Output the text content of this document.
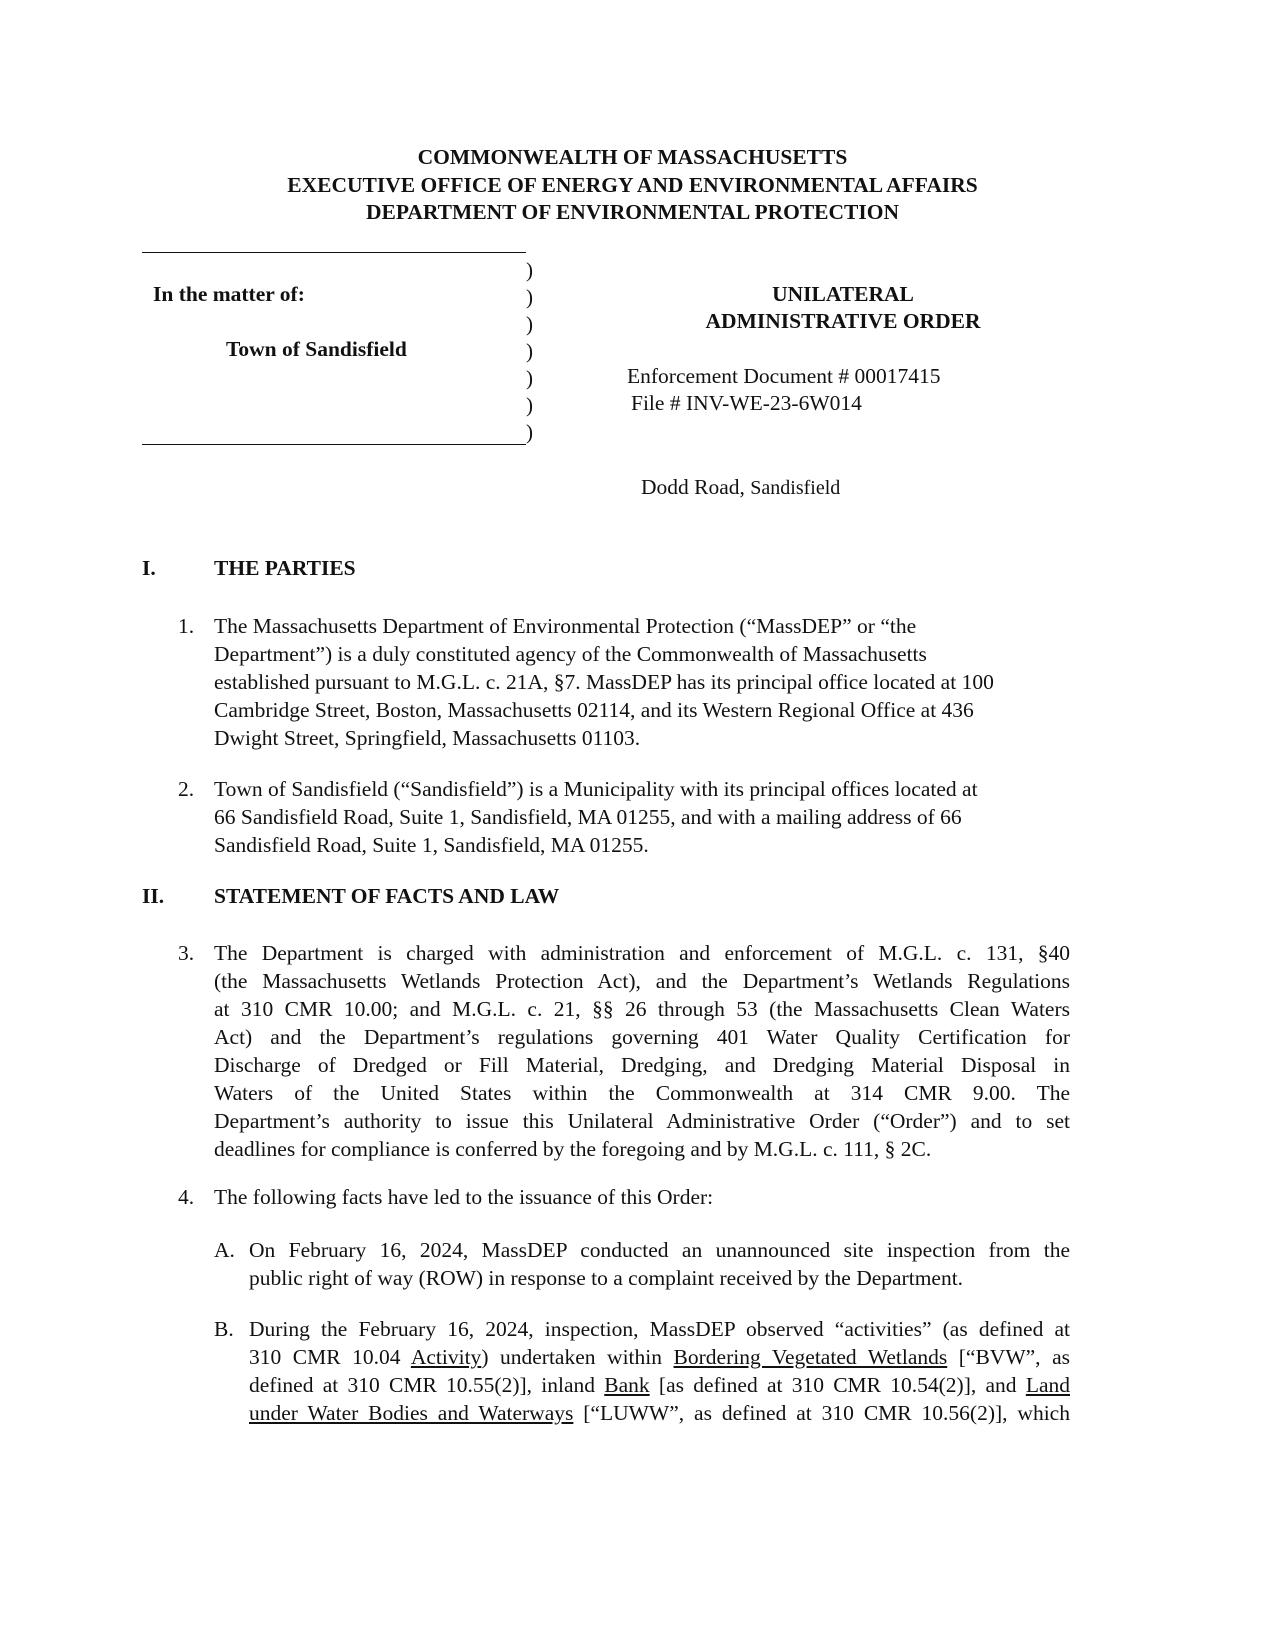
COMMONWEALTH OF MASSACHUSETTS
EXECUTIVE OFFICE OF ENERGY AND ENVIRONMENTAL AFFAIRS
DEPARTMENT OF ENVIRONMENTAL PROTECTION
)
)
)
)
)
)
)
In the matter of:
Town of Sandisfield
UNILATERAL
ADMINISTRATIVE ORDER
Enforcement Document # 00017415
File # INV-WE-23-6W014
Dodd Road, Sandisfield
I.	THE PARTIES
1. The Massachusetts Department of Environmental Protection (“MassDEP” or “the
Department”) is a duly constituted agency of the Commonwealth of Massachusetts
established pursuant to M.G.L. c. 21A, §7. MassDEP has its principal office located at 100
Cambridge Street, Boston, Massachusetts 02114, and its Western Regional Office at 436
Dwight Street, Springfield, Massachusetts 01103.
2. Town of Sandisfield (“Sandisfield”) is a Municipality with its principal offices located at
66 Sandisfield Road, Suite 1, Sandisfield, MA 01255, and with a mailing address of 66
Sandisfield Road, Suite 1, Sandisfield, MA 01255.
II. STATEMENT OF FACTS AND LAW
3. The Department is charged with administration and enforcement of M.G.L. c. 131, §40
(the Massachusetts Wetlands Protection Act), and the Department’s Wetlands Regulations
at 310 CMR 10.00; and M.G.L. c. 21, §§ 26 through 53 (the Massachusetts Clean Waters
Act) and the Department’s regulations governing 401 Water Quality Certification for
Discharge of Dredged or Fill Material, Dredging, and Dredging Material Disposal in
Waters of the United States within the Commonwealth at 314 CMR 9.00. The
Department’s authority to issue this Unilateral Administrative Order (“Order”) and to set
deadlines for compliance is conferred by the foregoing and by M.G.L. c. 111, § 2C.
4. The following facts have led to the issuance of this Order:
A. On February 16, 2024, MassDEP conducted an unannounced site inspection from the
public right of way (ROW) in response to a complaint received by the Department.
B. During the February 16, 2024, inspection, MassDEP observed “activities” (as defined at
310 CMR 10.04 Activity) undertaken within Bordering Vegetated Wetlands [“BVW”, as
defined at 310 CMR 10.55(2)], inland Bank [as defined at 310 CMR 10.54(2)], and Land
under Water Bodies and Waterways [“LUWW”, as defined at 310 CMR 10.56(2)], which
